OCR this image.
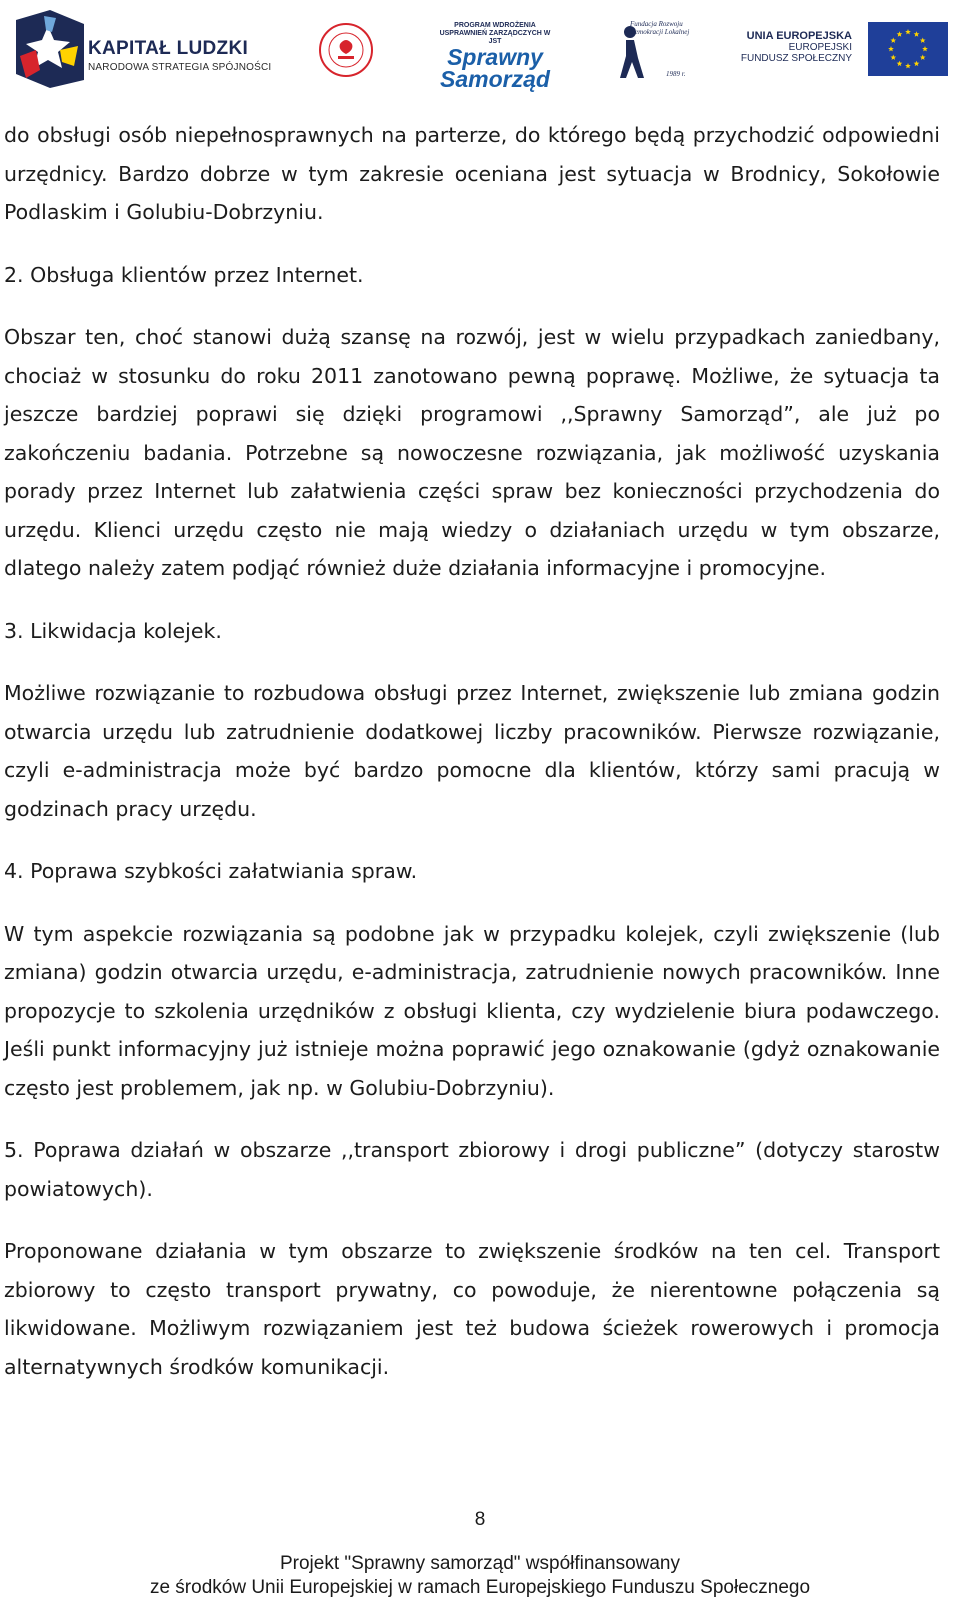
KAPITAŁ LUDZKI
NARODOWA STRATEGIA SPÓJNOŚCI
PROGRAM WDROŻENIA
USPRAWNIEŃ ZARZĄDCZYCH W JST
Sprawny
Samorząd
Fundacja Rozwoju
Demokracji Lokalnej
1989 r.
UNIA EUROPEJSKA
EUROPEJSKI
FUNDUSZ SPOŁECZNY

do obsługi osób niepełnosprawnych na parterze, do którego będą przychodzić odpowiedni urzędnicy. Bardzo dobrze w tym zakresie oceniana jest sytuacja w Brodnicy, Sokołowie Podlaskim i Golubiu-Dobrzyniu.

2. Obsługa klientów przez Internet.

Obszar ten, choć stanowi dużą szansę na rozwój, jest w wielu przypadkach zaniedbany, chociaż w stosunku do roku 2011 zanotowano pewną poprawę. Możliwe, że sytuacja ta jeszcze bardziej poprawi się dzięki programowi ,,Sprawny Samorząd”, ale już po zakończeniu badania. Potrzebne są nowoczesne rozwiązania, jak możliwość uzyskania porady przez Internet lub załatwienia części spraw bez konieczności przychodzenia do urzędu. Klienci urzędu często nie mają wiedzy o działaniach urzędu w tym obszarze, dlatego należy zatem podjąć również duże działania informacyjne i promocyjne.

3. Likwidacja kolejek.

Możliwe rozwiązanie to rozbudowa obsługi przez Internet, zwiększenie lub zmiana godzin otwarcia urzędu lub zatrudnienie dodatkowej liczby pracowników. Pierwsze rozwiązanie, czyli e-administracja może być bardzo pomocne dla klientów, którzy sami pracują w godzinach pracy urzędu.

4. Poprawa szybkości załatwiania spraw.

W tym aspekcie rozwiązania są podobne jak w przypadku kolejek, czyli zwiększenie (lub zmiana) godzin otwarcia urzędu, e-administracja, zatrudnienie nowych pracowników. Inne propozycje to szkolenia urzędników z obsługi klienta, czy wydzielenie biura podawczego. Jeśli punkt informacyjny już istnieje można poprawić jego oznakowanie (gdyż oznakowanie często jest problemem, jak np. w Golubiu-Dobrzyniu).

5. Poprawa działań w obszarze ,,transport zbiorowy i drogi publiczne” (dotyczy starostw powiatowych).

Proponowane działania w tym obszarze to zwiększenie środków na ten cel. Transport zbiorowy to często transport prywatny, co powoduje, że nierentowne połączenia są likwidowane. Możliwym rozwiązaniem jest też budowa ścieżek rowerowych i promocja alternatywnych środków komunikacji.

8
Projekt "Sprawny samorząd" współfinansowany
ze środków Unii Europejskiej w ramach Europejskiego Funduszu Społecznego
